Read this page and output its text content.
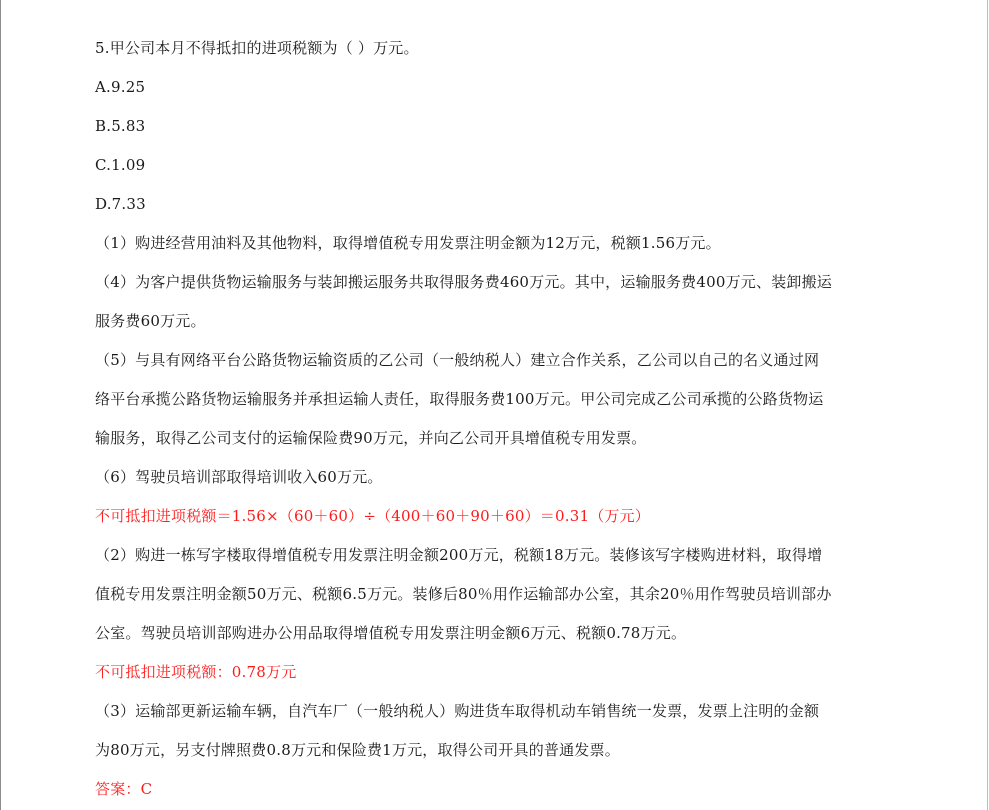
5.甲公司本月不得抵扣的进项税额为（ ）万元。
A.9.25
B.5.83
C.1.09
D.7.33
（1）购进经营用油料及其他物料，取得增值税专用发票注明金额为12万元，税额1.56万元。
（4）为客户提供货物运输服务与装卸搬运服务共取得服务费460万元。其中，运输服务费400万元、装卸搬运
服务费60万元。
（5）与具有网络平台公路货物运输资质的乙公司（一般纳税人）建立合作关系，乙公司以自己的名义通过网
络平台承揽公路货物运输服务并承担运输人责任，取得服务费100万元。甲公司完成乙公司承揽的公路货物运
输服务，取得乙公司支付的运输保险费90万元，并向乙公司开具增值税专用发票。
（6）驾驶员培训部取得培训收入60万元。
不可抵扣进项税额＝1.56×（60＋60）÷（400＋60＋90＋60）＝0.31（万元）
（2）购进一栋写字楼取得增值税专用发票注明金额200万元，税额18万元。装修该写字楼购进材料，取得增
值税专用发票注明金额50万元、税额6.5万元。装修后80％用作运输部办公室，其余20％用作驾驶员培训部办
公室。驾驶员培训部购进办公用品取得增值税专用发票注明金额6万元、税额0.78万元。
不可抵扣进项税额：0.78万元
（3）运输部更新运输车辆，自汽车厂（一般纳税人）购进货车取得机动车销售统一发票，发票上注明的金额
为80万元，另支付牌照费0.8万元和保险费1万元，取得公司开具的普通发票。
答案：C
